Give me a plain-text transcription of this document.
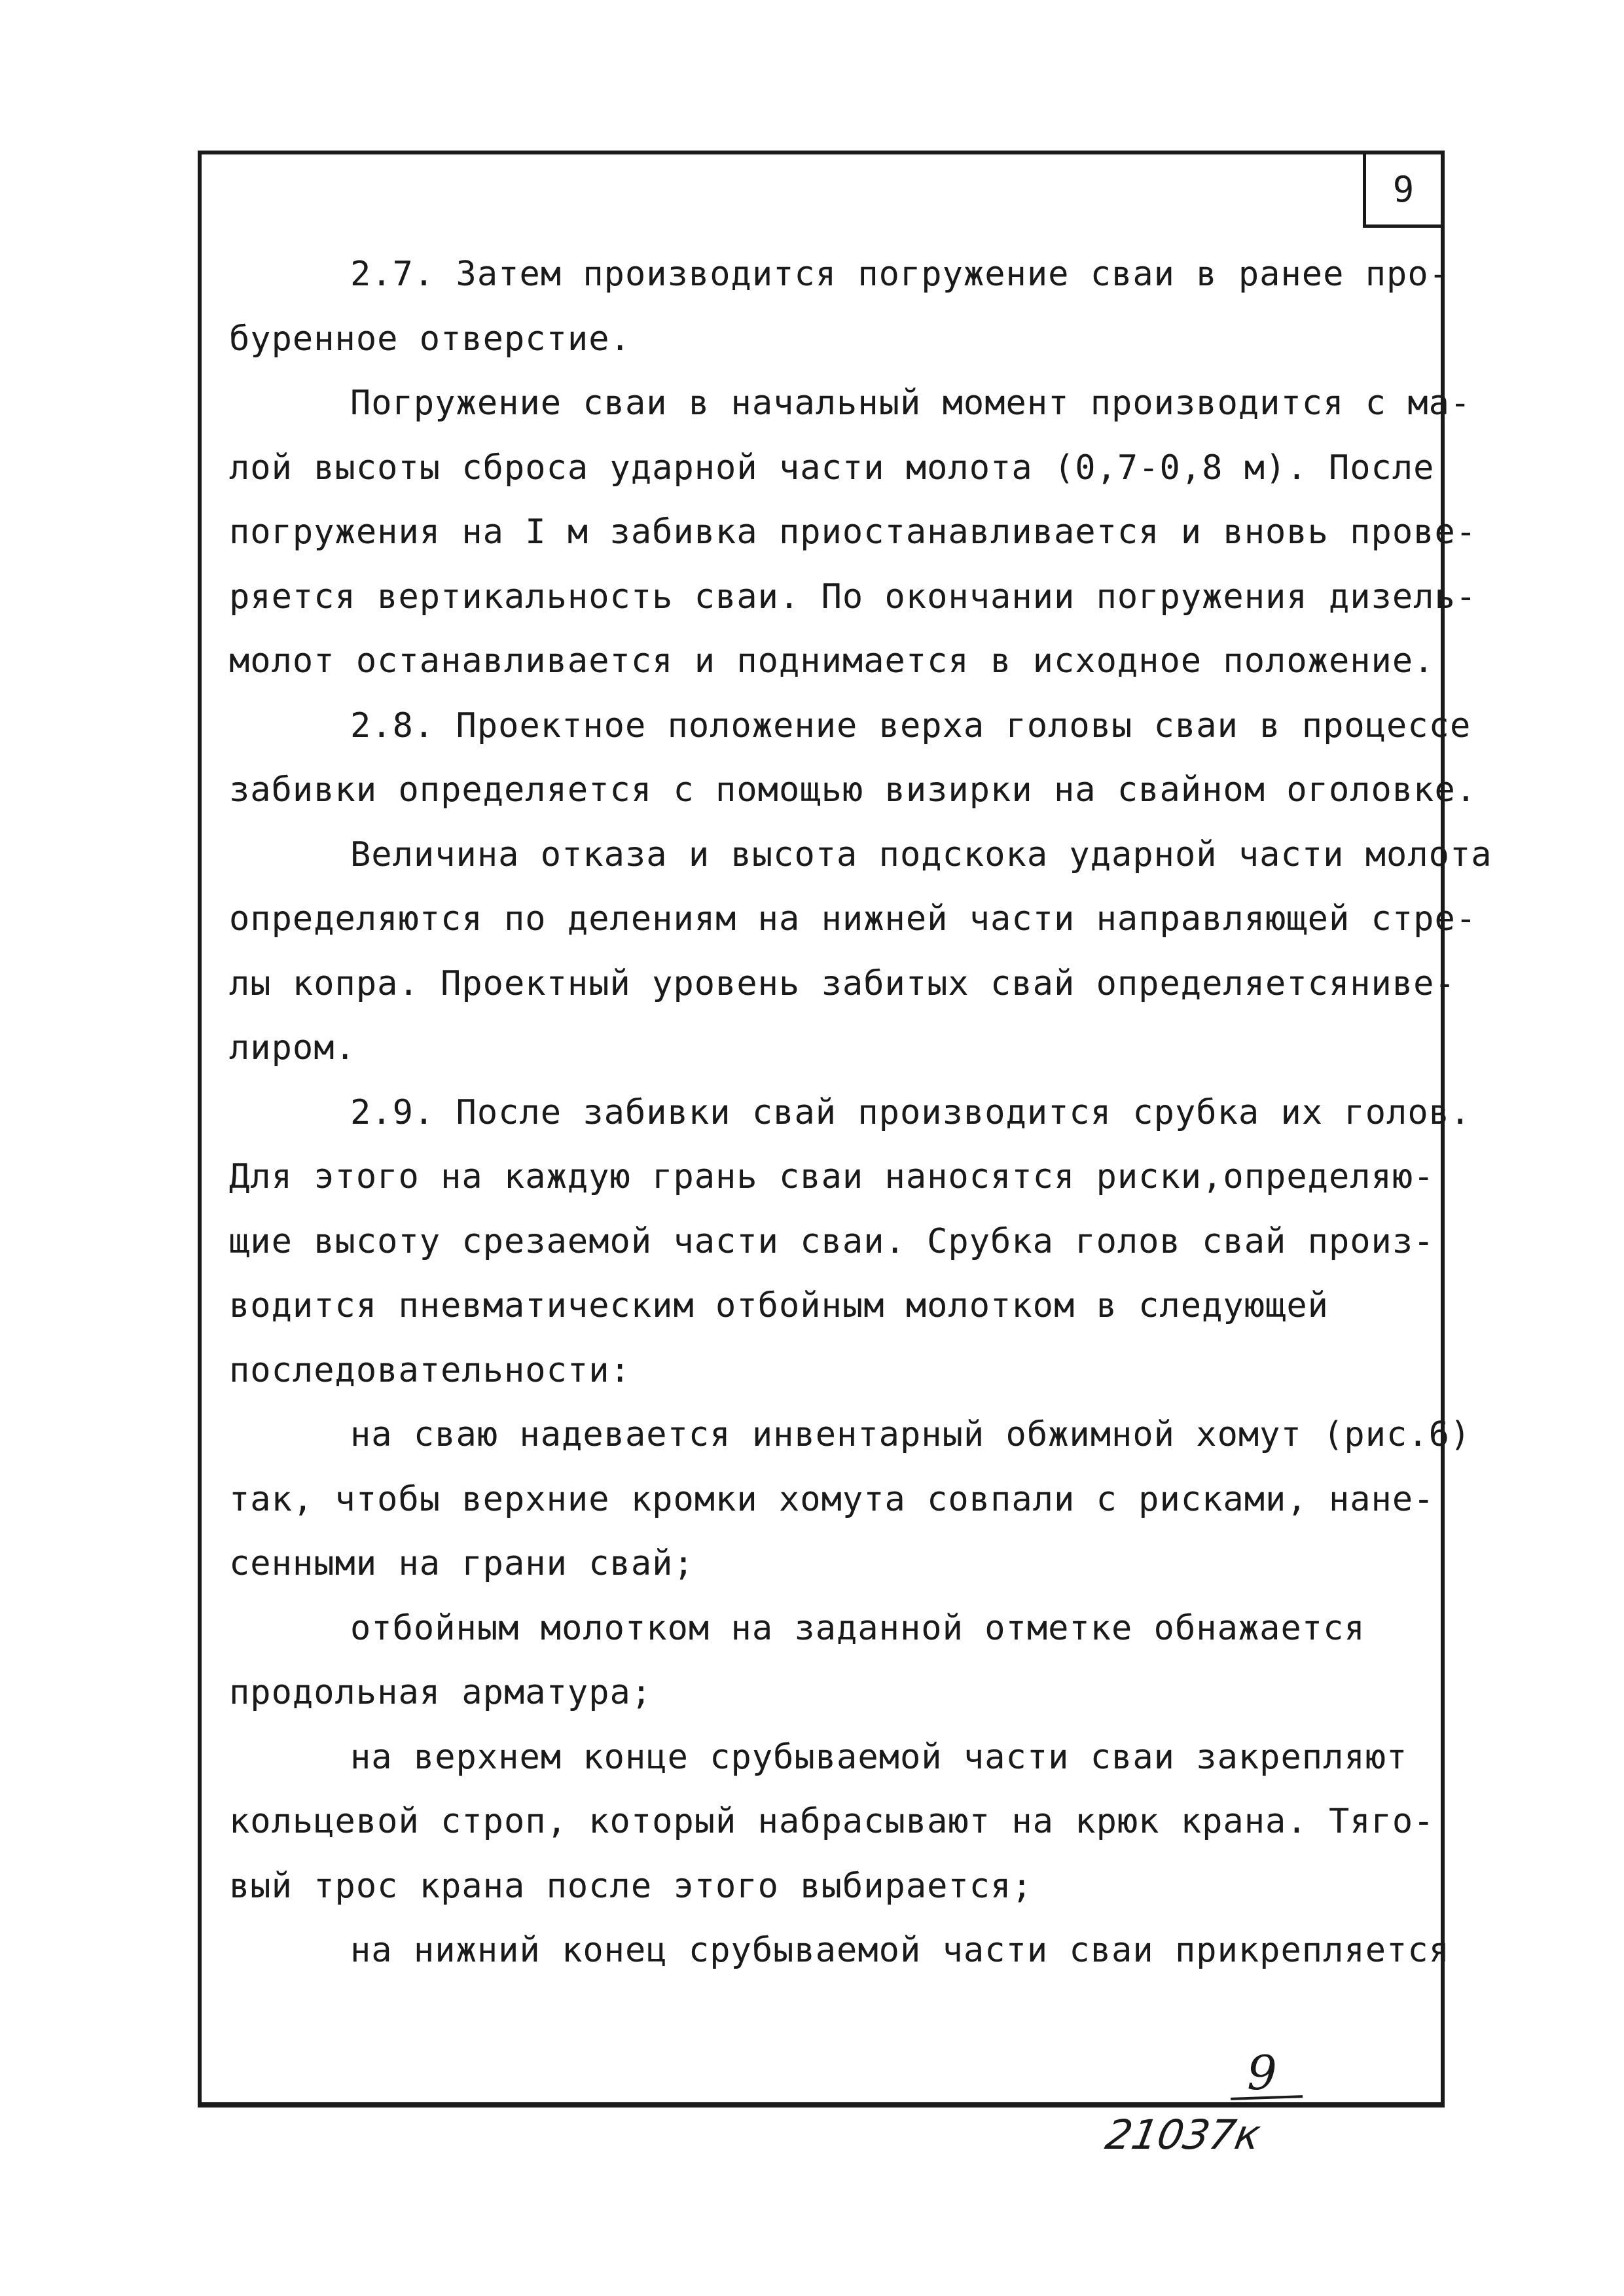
9

2.7. Затем производится погружение сваи в ранее про-

буренное отверстие.

Погружение сваи в начальный момент производится с ма-

лой высоты сброса ударной части молота (0,7-0,8 м). После

погружения на I м забивка приостанавливается и вновь прове-

ряется вертикальность сваи. По окончании погружения дизель-

молот останавливается и поднимается в исходное положение.

2.8. Проектное положение верха головы сваи в процессе

забивки определяется с помощью визирки на свайном оголовке.

Величина отказа и высота подскока ударной части молота

определяются по делениям на нижней части направляющей стре-

лы копра. Проектный уровень забитых свай определяетсяниве-

лиром.

2.9. После забивки свай производится срубка их голов.

Для этого на каждую грань сваи наносятся риски,определяю-

щие высоту срезаемой части сваи. Срубка голов свай произ-

водится пневматическим отбойным молотком в следующей

последовательности:

на сваю надевается инвентарный обжимной хомут (рис.6)

так, чтобы верхние кромки хомута совпали с рисками, нане-

сенными на грани свай;

отбойным молотком на заданной отметке обнажается

продольная арматура;

на верхнем конце срубываемой части сваи закрепляют

кольцевой строп, который набрасывают на крюк крана. Тяго-

вый трос крана после этого выбирается;

на нижний конец срубываемой части сваи прикрепляется

9
21037к
